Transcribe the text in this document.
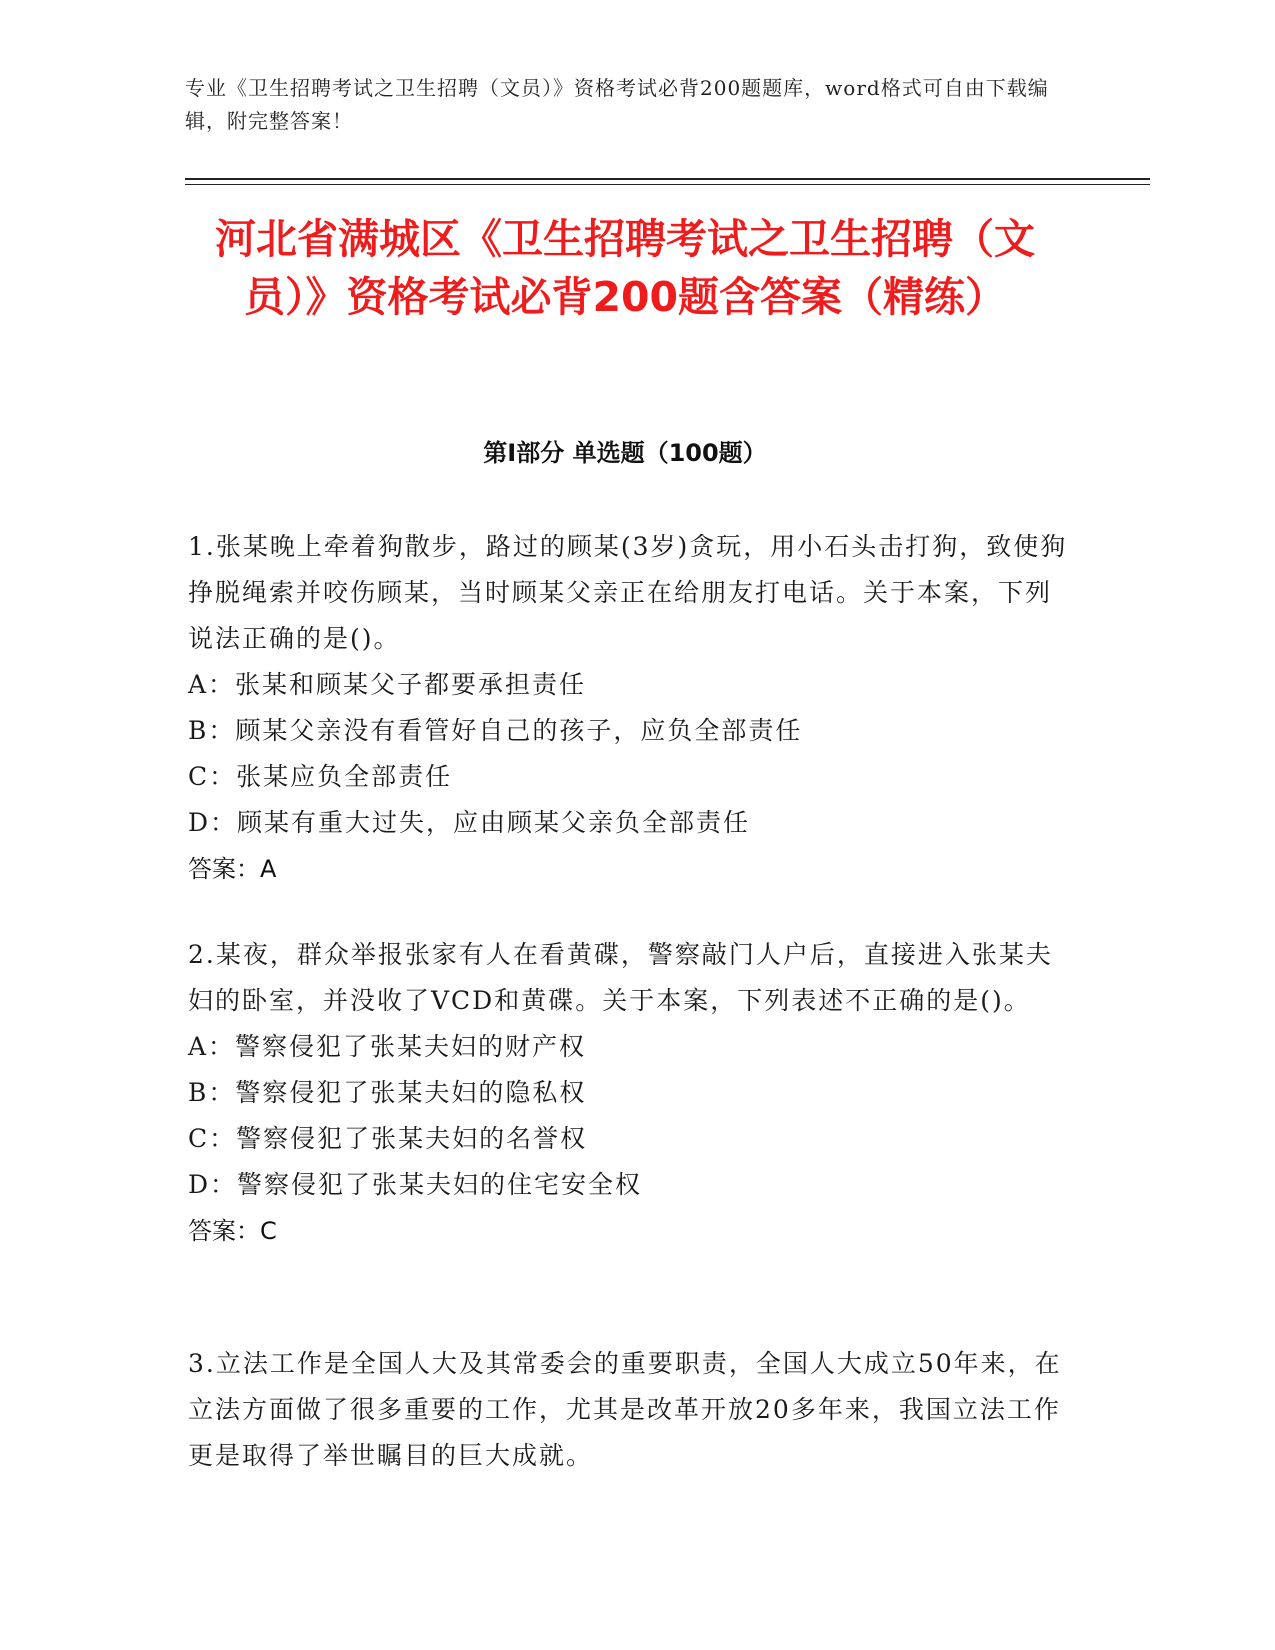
专业《卫生招聘考试之卫生招聘（文员）》资格考试必背200题题库，word格式可自由下载编辑，附完整答案！
河北省满城区《卫生招聘考试之卫生招聘（文员）》资格考试必背200题含答案（精练）
第Ⅰ部分 单选题（100题）
1.张某晚上牵着狗散步，路过的顾某(3岁)贪玩，用小石头击打狗，致使狗挣脱绳索并咬伤顾某，当时顾某父亲正在给朋友打电话。关于本案，下列说法正确的是()。
A：张某和顾某父子都要承担责任
B：顾某父亲没有看管好自己的孩子，应负全部责任
C：张某应负全部责任
D：顾某有重大过失，应由顾某父亲负全部责任
答案：A
2.某夜，群众举报张家有人在看黄碟，警察敲门人户后，直接进入张某夫妇的卧室，并没收了VCD和黄碟。关于本案，下列表述不正确的是()。
A：警察侵犯了张某夫妇的财产权
B：警察侵犯了张某夫妇的隐私权
C：警察侵犯了张某夫妇的名誉权
D：警察侵犯了张某夫妇的住宅安全权
答案：C
3.立法工作是全国人大及其常委会的重要职责，全国人大成立50年来，在立法方面做了很多重要的工作，尤其是改革开放20多年来，我国立法工作更是取得了举世瞩目的巨大成就。
